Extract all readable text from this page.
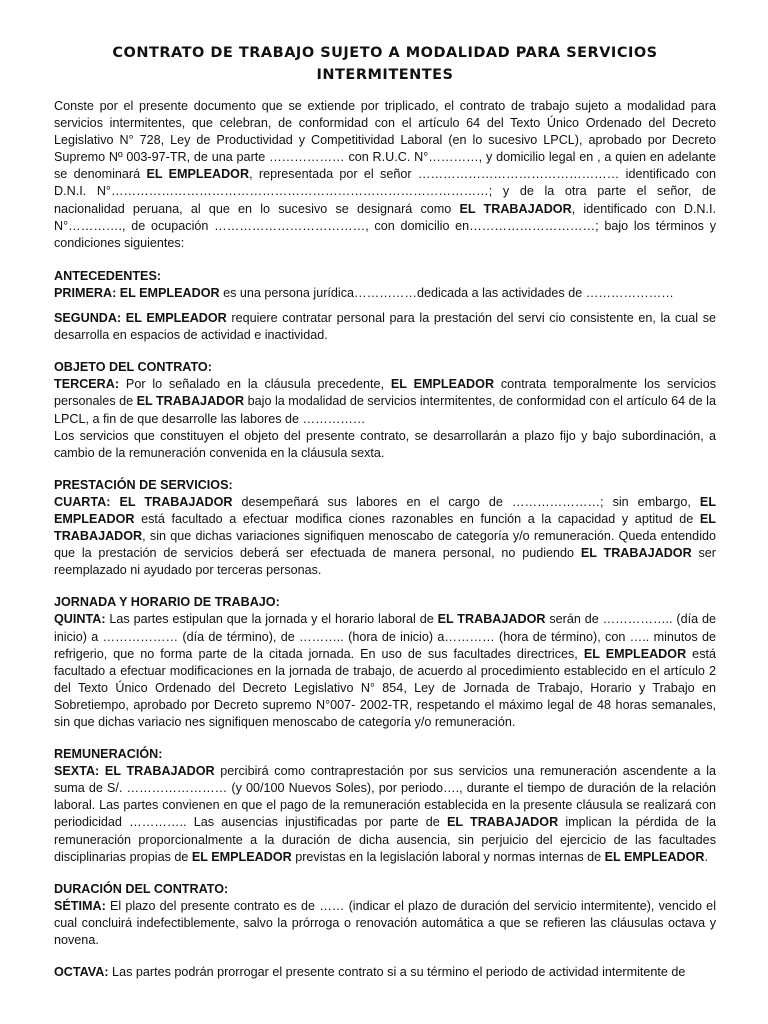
CONTRATO DE TRABAJO SUJETO A MODALIDAD PARA SERVICIOS INTERMITENTES

Conste por el presente documento que se extiende por triplicado, el contrato de trabajo sujeto a modalidad para servicios intermitentes, que celebran, de conformidad con el artículo 64 del Texto Único Ordenado del Decreto Legislativo N° 728, Ley de Productividad y Competitividad Laboral (en lo sucesivo LPCL), aprobado por Decreto Supremo Nº 003-97-TR, de una parte ……………… con R.U.C. N°…………, y domicilio legal en , a quien en adelante se denominará EL EMPLEADOR, representada por el señor ………………………………………… identificado con D.N.I. N°………………………………………………………………………………; y de la otra parte el señor, de nacionalidad peruana, al que en lo sucesivo se designará como EL TRABAJADOR, identificado con D.N.I. N°…………., de ocupación ………………………………, con domicilio en…………………………; bajo los términos y condiciones siguientes:

ANTECEDENTES:

PRIMERA: EL EMPLEADOR es una persona jurídica……………dedicada a las actividades de …………………

SEGUNDA: EL EMPLEADOR requiere contratar personal para la prestación del servi cio consistente en, la cual se desarrolla en espacios de actividad e inactividad.

OBJETO DEL CONTRATO:

TERCERA: Por lo señalado en la cláusula precedente, EL EMPLEADOR contrata temporalmente los servicios personales de EL TRABAJADOR bajo la modalidad de servicios intermitentes, de conformidad con el artículo 64 de la LPCL, a fin de que desarrolle las labores de ……………
Los servicios que constituyen el objeto del presente contrato, se desarrollarán a plazo fijo y bajo subordinación, a cambio de la remuneración convenida en la cláusula sexta.

PRESTACIÓN DE SERVICIOS:

CUARTA: EL TRABAJADOR desempeñará sus labores en el cargo de …………………; sin embargo, EL EMPLEADOR está facultado a efectuar modifica ciones razonables en función a la capacidad y aptitud de EL TRABAJADOR, sin que dichas variaciones signifiquen menoscabo de categoría y/o remuneración. Queda entendido que la prestación de servicios deberá ser efectuada de manera personal, no pudiendo EL TRABAJADOR ser reemplazado ni ayudado por terceras personas.

JORNADA Y HORARIO DE TRABAJO:

QUINTA: Las partes estipulan que la jornada y el horario laboral de EL TRABAJADOR serán de …………….. (día de inicio) a ……………… (día de término), de ……….. (hora de inicio) a………… (hora de término), con ….. minutos de refrigerio, que no forma parte de la citada jornada. En uso de sus facultades directrices, EL EMPLEADOR está facultado a efectuar modificaciones en la jornada de trabajo, de acuerdo al procedimiento establecido en el artículo 2 del Texto Único Ordenado del Decreto Legislativo N° 854, Ley de Jornada de Trabajo, Horario y Trabajo en Sobretiempo, aprobado por Decreto supremo N°007- 2002-TR, respetando el máximo legal de 48 horas semanales, sin que dichas variacio nes signifiquen menoscabo de categoría y/o remuneración.

REMUNERACIÓN:

SEXTA: EL TRABAJADOR percibirá como contraprestación por sus servicios una remuneración ascendente a la suma de S/. …………………… (y 00/100 Nuevos Soles), por periodo…., durante el tiempo de duración de la relación laboral. Las partes convienen en que el pago de la remuneración establecida en la presente cláusula se realizará con periodicidad ………….. Las ausencias injustificadas por parte de EL TRABAJADOR implican la pérdida de la remuneración proporcionalmente a la duración de dicha ausencia, sin perjuicio del ejercicio de las facultades disciplinarias propias de EL EMPLEADOR previstas en la legislación laboral y normas internas de EL EMPLEADOR.

DURACIÓN DEL CONTRATO:

SÉTIMA: El plazo del presente contrato es de …… (indicar el plazo de duración del servicio intermitente), vencido el cual concluirá indefectiblemente, salvo la prórroga o renovación automática a que se refieren las cláusulas octava y novena.

OCTAVA: Las partes podrán prorrogar el presente contrato si a su término el periodo de actividad intermitente de
